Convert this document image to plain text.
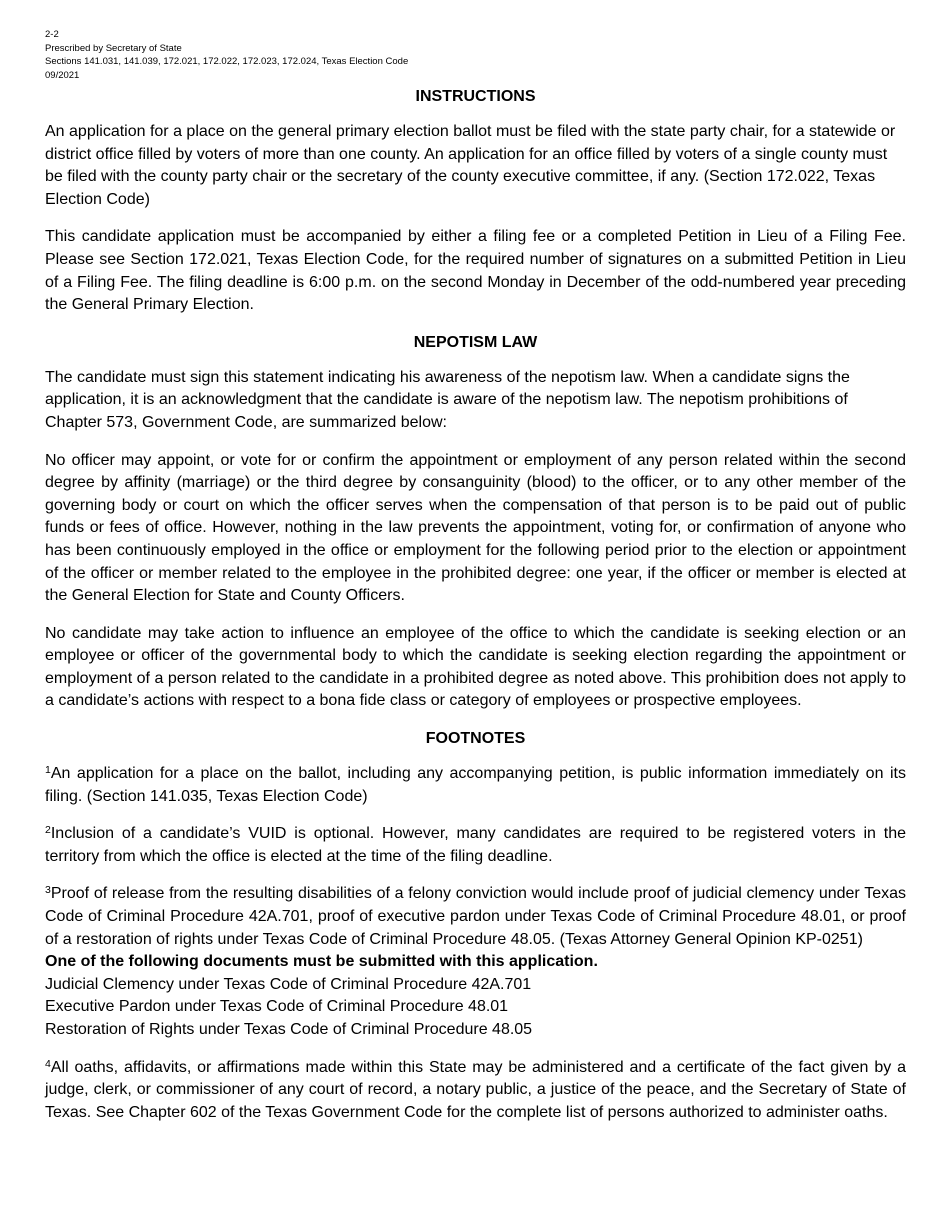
2-2
Prescribed by Secretary of State
Sections 141.031, 141.039, 172.021, 172.022, 172.023, 172.024, Texas Election Code
09/2021
INSTRUCTIONS

An application for a place on the general primary election ballot must be filed with the state party chair, for a statewide or district office filled by voters of more than one county. An application for an office filled by voters of a single county must be filed with the county party chair or the secretary of the county executive committee, if any. (Section 172.022, Texas Election Code)

This candidate application must be accompanied by either a filing fee or a completed Petition in Lieu of a Filing Fee. Please see Section 172.021, Texas Election Code, for the required number of signatures on a submitted Petition in Lieu of a Filing Fee. The filing deadline is 6:00 p.m. on the second Monday in December of the odd-numbered year preceding the General Primary Election.

NEPOTISM LAW

The candidate must sign this statement indicating his awareness of the nepotism law. When a candidate signs the application, it is an acknowledgment that the candidate is aware of the nepotism law. The nepotism prohibitions of Chapter 573, Government Code, are summarized below:

No officer may appoint, or vote for or confirm the appointment or employment of any person related within the second degree by affinity (marriage) or the third degree by consanguinity (blood) to the officer, or to any other member of the governing body or court on which the officer serves when the compensation of that person is to be paid out of public funds or fees of office. However, nothing in the law prevents the appointment, voting for, or confirmation of anyone who has been continuously employed in the office or employment for the following period prior to the election or appointment of the officer or member related to the employee in the prohibited degree: one year, if the officer or member is elected at the General Election for State and County Officers.

No candidate may take action to influence an employee of the office to which the candidate is seeking election or an employee or officer of the governmental body to which the candidate is seeking election regarding the appointment or employment of a person related to the candidate in a prohibited degree as noted above. This prohibition does not apply to a candidate’s actions with respect to a bona fide class or category of employees or prospective employees.

FOOTNOTES

$^1$An application for a place on the ballot, including any accompanying petition, is public information immediately on its filing. (Section 141.035, Texas Election Code)

$^2$Inclusion of a candidate’s VUID is optional. However, many candidates are required to be registered voters in the territory from which the office is elected at the time of the filing deadline.

$^3$Proof of release from the resulting disabilities of a felony conviction would include proof of judicial clemency under Texas Code of Criminal Procedure 42A.701, proof of executive pardon under Texas Code of Criminal Procedure 48.01, or proof of a restoration of rights under Texas Code of Criminal Procedure 48.05. (Texas Attorney General Opinion KP-0251)

One of the following documents must be submitted with this application.
Judicial Clemency under Texas Code of Criminal Procedure 42A.701
Executive Pardon under Texas Code of Criminal Procedure 48.01
Restoration of Rights under Texas Code of Criminal Procedure 48.05

$^4$All oaths, affidavits, or affirmations made within this State may be administered and a certificate of the fact given by a judge, clerk, or commissioner of any court of record, a notary public, a justice of the peace, and the Secretary of State of Texas. See Chapter 602 of the Texas Government Code for the complete list of persons authorized to administer oaths.
